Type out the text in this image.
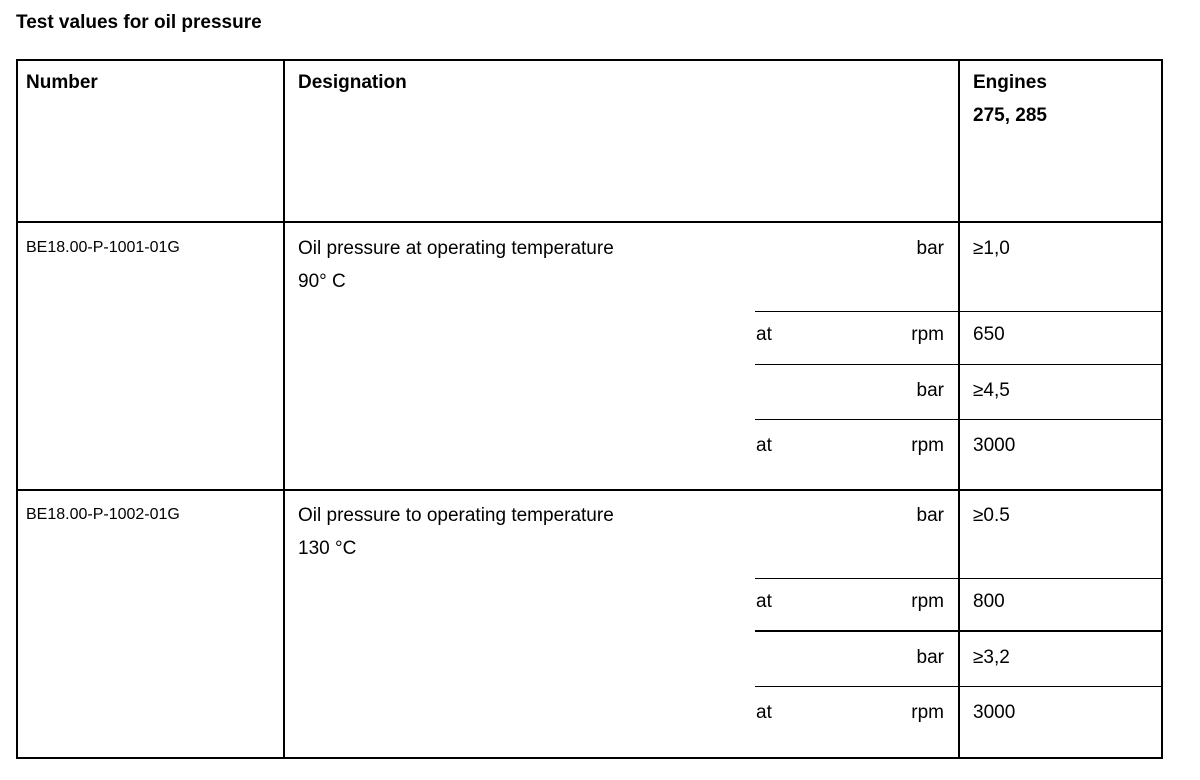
Test values for oil pressure
Number	Designation	Engines
275, 285
BE18.00-P-1001-01G	Oil pressure at operating temperature
90° C
bar ≥1,0
at	rpm 650
bar ≥4,5
at	rpm 3000
BE18.00-P-1002-01G	Oil pressure to operating temperature
130 °C
bar ≥0.5
at	rpm 800
bar ≥3,2
at	rpm 3000
